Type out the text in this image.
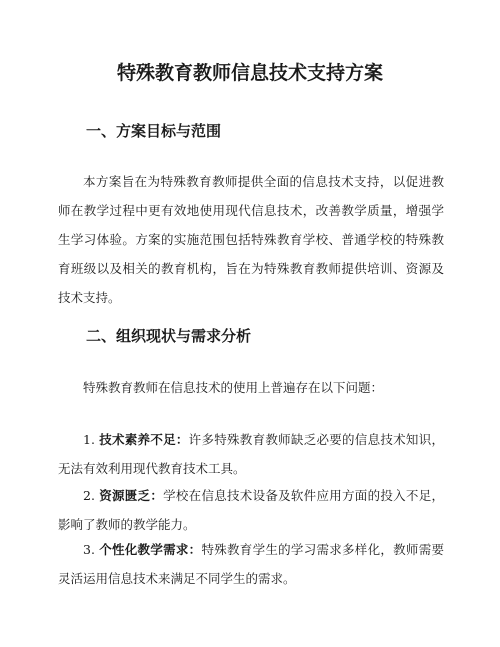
特殊教育教师信息技术支持方案
一、方案目标与范围

本方案旨在为特殊教育教师提供全面的信息技术支持，以促进教师在教学过程中更有效地使用现代信息技术，改善教学质量，增强学生学习体验。方案的实施范围包括特殊教育学校、普通学校的特殊教育班级以及相关的教育机构，旨在为特殊教育教师提供培训、资源及技术支持。

二、组织现状与需求分析

特殊教育教师在信息技术的使用上普遍存在以下问题：

1. 技术素养不足：许多特殊教育教师缺乏必要的信息技术知识，无法有效利用现代教育技术工具。

2. 资源匮乏：学校在信息技术设备及软件应用方面的投入不足，影响了教师的教学能力。

3. 个性化教学需求：特殊教育学生的学习需求多样化，教师需要灵活运用信息技术来满足不同学生的需求。
